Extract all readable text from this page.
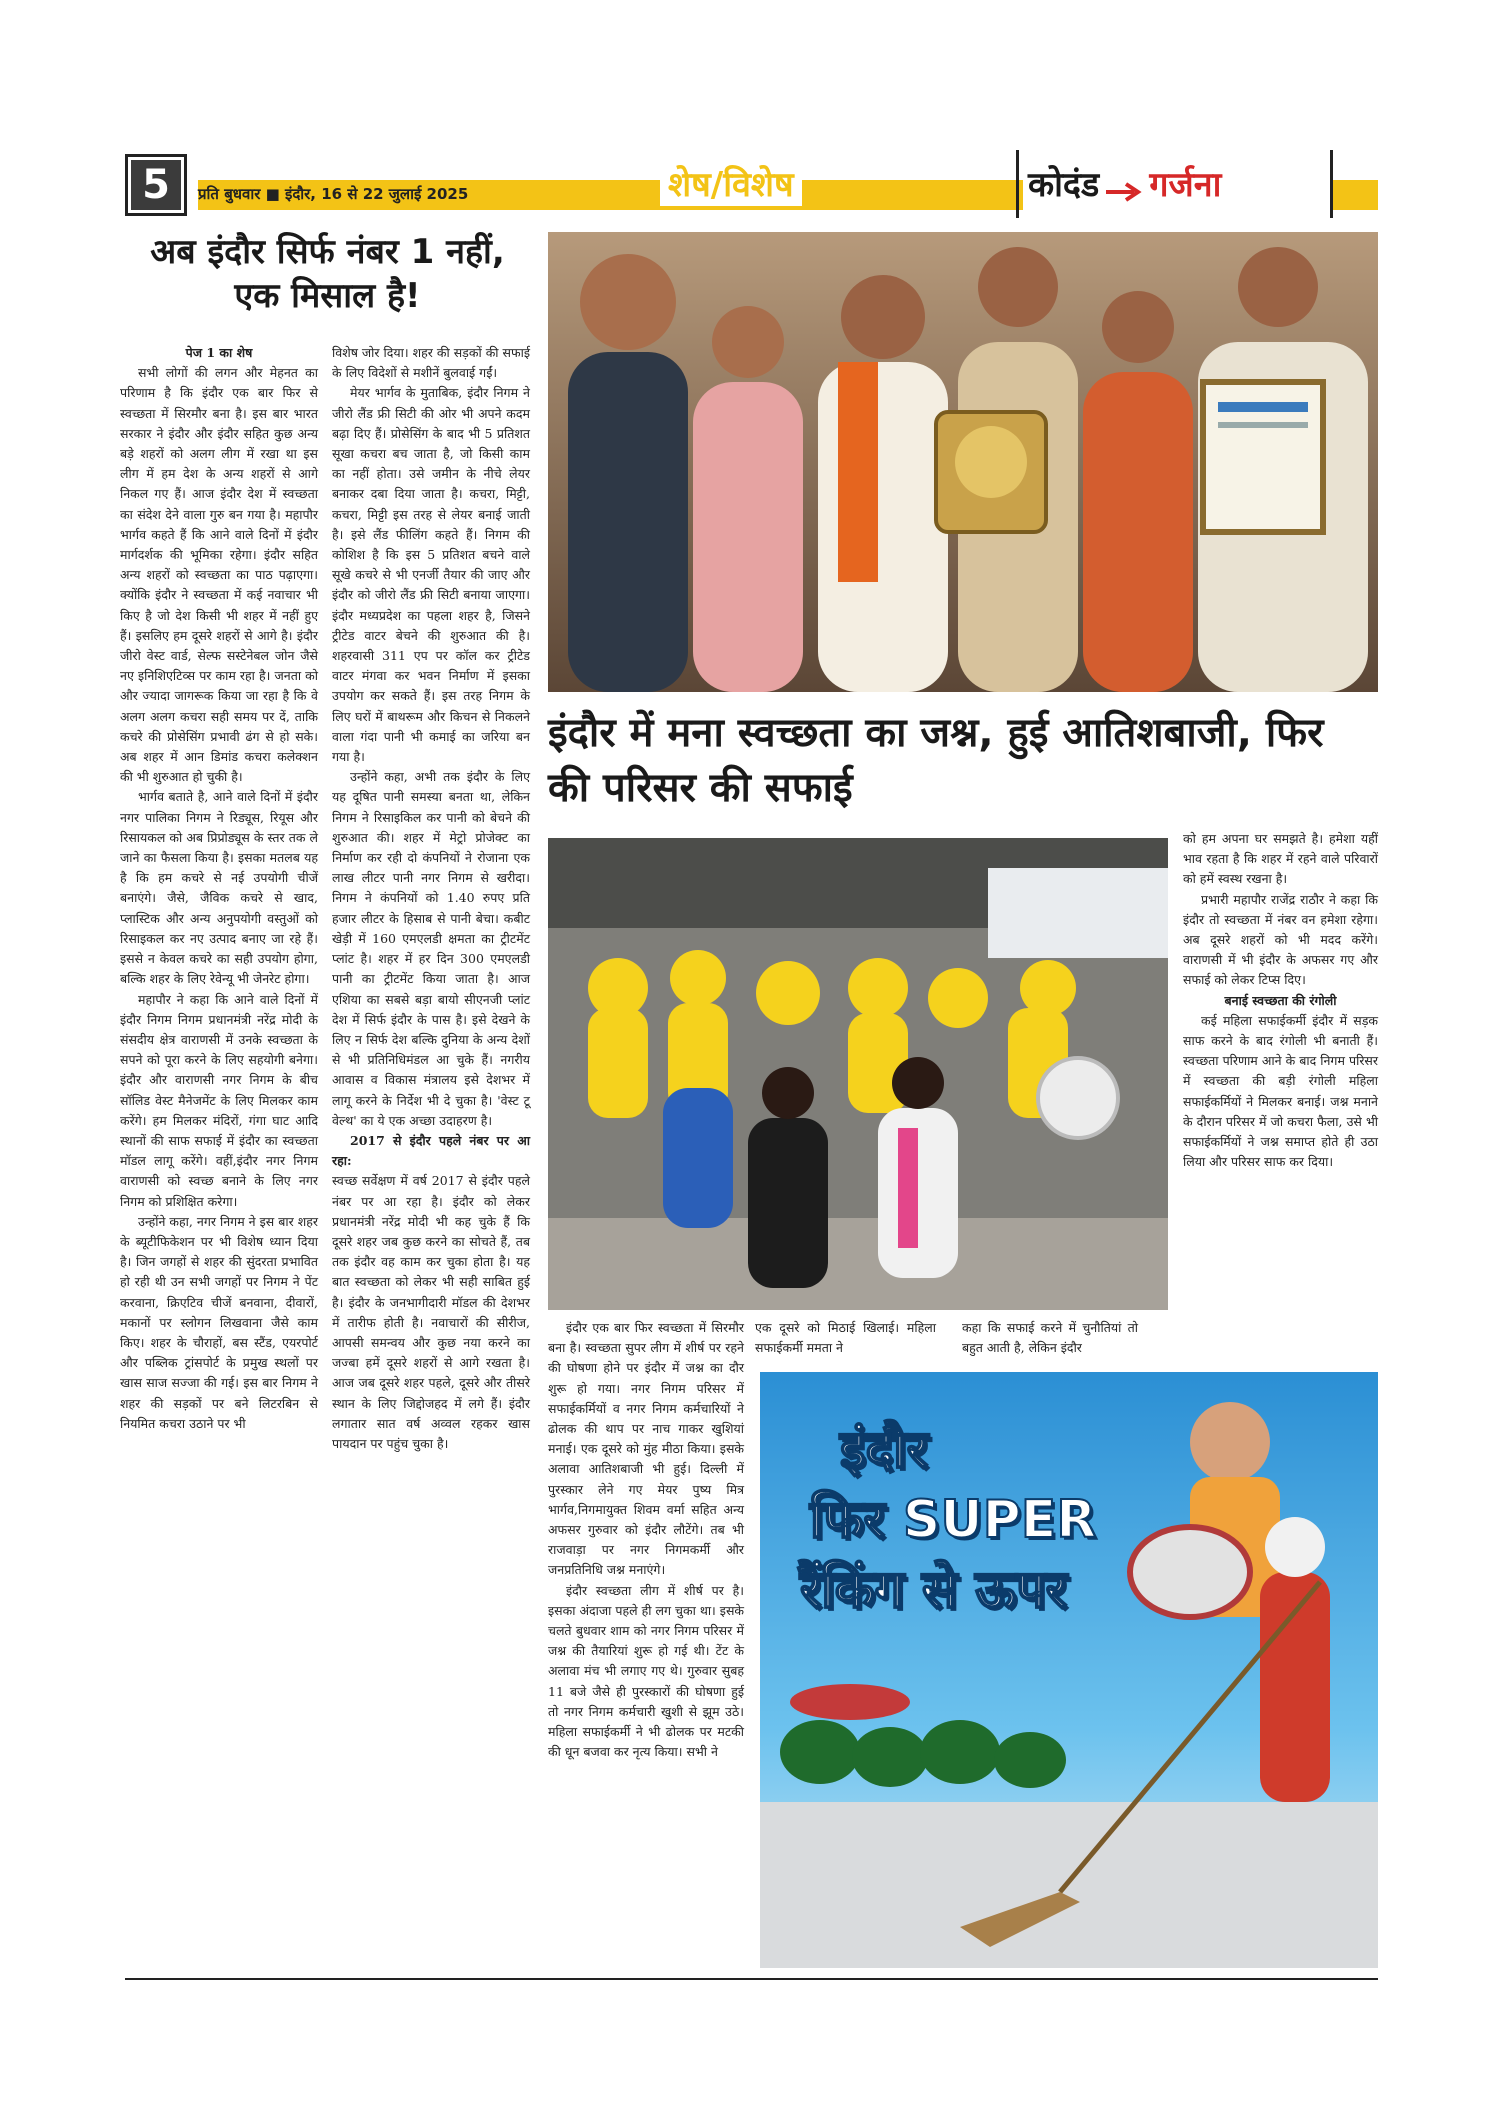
5	प्रति बुधवार ■ इंदौर, 16 से 22 जुलाई 2025	शेष/विशेष	कोदंड गर्जना
अब इंदौर सिर्फ नंबर 1 नहीं, एक मिसाल है!

पेज 1 का शेष

सभी लोगों की लगन और मेहनत का परिणाम है कि इंदौर एक बार फिर से स्वच्छता में सिरमौर बना है। इस बार भारत सरकार ने इंदौर और इंदौर सहित कुछ अन्य बड़े शहरों को अलग लीग में रखा था इस लीग में हम देश के अन्य शहरों से आगे निकल गए हैं। आज इंदौर देश में स्वच्छता का संदेश देने वाला गुरु बन गया है। महापौर भार्गव कहते हैं कि आने वाले दिनों में इंदौर मार्गदर्शक की भूमिका रहेगा। इंदौर सहित अन्य शहरों को स्वच्छता का पाठ पढ़ाएगा। क्योंकि इंदौर ने स्वच्छता में कई नवाचार भी किए है जो देश किसी भी शहर में नहीं हुए हैं। इसलिए हम दूसरे शहरों से आगे है। इंदौर जीरो वेस्ट वार्ड, सेल्फ सस्टेनेबल जोन जैसे नए इनिशिएटिव्स पर काम रहा है। जनता को और ज्यादा जागरूक किया जा रहा है कि वे अलग अलग कचरा सही समय पर दें, ताकि कचरे की प्रोसेसिंग प्रभावी ढंग से हो सके। अब शहर में आन डिमांड कचरा कलेक्शन की भी शुरुआत हो चुकी है।

भार्गव बताते है, आने वाले दिनों में इंदौर नगर पालिका निगम ने रिड्यूस, रियूस और रिसायकल को अब प्रिप्रोड्यूस के स्तर तक ले जाने का फैसला किया है। इसका मतलब यह है कि हम कचरे से नई उपयोगी चीजें बनाएंगे। जैसे, जैविक कचरे से खाद, प्लास्टिक और अन्य अनुपयोगी वस्तुओं को रिसाइकल कर नए उत्पाद बनाए जा रहे हैं। इससे न केवल कचरे का सही उपयोग होगा, बल्कि शहर के लिए रेवेन्यू भी जेनरेट होगा।

महापौर ने कहा कि आने वाले दिनों में इंदौर निगम निगम प्रधानमंत्री नरेंद्र मोदी के संसदीय क्षेत्र वाराणसी में उनके स्वच्छता के सपने को पूरा करने के लिए सहयोगी बनेगा। इंदौर और वाराणसी नगर निगम के बीच सॉलिड वेस्ट मैनेजमेंट के लिए मिलकर काम करेंगे। हम मिलकर मंदिरों, गंगा घाट आदि स्थानों की साफ सफाई में इंदौर का स्वच्छता मॉडल लागू करेंगे। वहीं,इंदौर नगर निगम वाराणसी को स्वच्छ बनाने के लिए नगर निगम को प्रशिक्षित करेगा।

उन्होंने कहा, नगर निगम ने इस बार शहर के ब्यूटीफिकेशन पर भी विशेष ध्यान दिया है। जिन जगहों से शहर की सुंदरता प्रभावित हो रही थी उन सभी जगहों पर निगम ने पेंट करवाना, क्रिएटिव चीजें बनवाना, दीवारों, मकानों पर स्लोगन लिखवाना जैसे काम किए। शहर के चौराहों, बस स्टैंड, एयरपोर्ट और पब्लिक ट्रांसपोर्ट के प्रमुख स्थलों पर खास साज सज्जा की गई। इस बार निगम ने शहर की सड़कों पर बने लिटरबिन से नियमित कचरा उठाने पर भी

विशेष जोर दिया। शहर की सड़कों की सफाई के लिए विदेशों से मशीनें बुलवाई गईं।

मेयर भार्गव के मुताबिक, इंदौर निगम ने जीरो लैंड फ्री सिटी की ओर भी अपने कदम बढ़ा दिए हैं। प्रोसेसिंग के बाद भी 5 प्रतिशत सूखा कचरा बच जाता है, जो किसी काम का नहीं होता। उसे जमीन के नीचे लेयर बनाकर दबा दिया जाता है। कचरा, मिट्टी, कचरा, मिट्टी इस तरह से लेयर बनाई जाती है। इसे लैंड फीलिंग कहते हैं। निगम की कोशिश है कि इस 5 प्रतिशत बचने वाले सूखे कचरे से भी एनर्जी तैयार की जाए और इंदौर को जीरो लैंड फ्री सिटी बनाया जाएगा। इंदौर मध्यप्रदेश का पहला शहर है, जिसने ट्रीटेड वाटर बेचने की शुरुआत की है। शहरवासी 311 एप पर कॉल कर ट्रीटेड वाटर मंगवा कर भवन निर्माण में इसका उपयोग कर सकते हैं। इस तरह निगम के लिए घरों में बाथरूम और किचन से निकलने वाला गंदा पानी भी कमाई का जरिया बन गया है।

उन्होंने कहा, अभी तक इंदौर के लिए यह दूषित पानी समस्या बनता था, लेकिन निगम ने रिसाइकिल कर पानी को बेचने की शुरुआत की। शहर में मेट्रो प्रोजेक्ट का निर्माण कर रही दो कंपनियों ने रोजाना एक लाख लीटर पानी नगर निगम से खरीदा। निगम ने कंपनियों को 1.40 रुपए प्रति हजार लीटर के हिसाब से पानी बेचा। कबीट खेड़ी में 160 एमएलडी क्षमता का ट्रीटमेंट प्लांट है। शहर में हर दिन 300 एमएलडी पानी का ट्रीटमेंट किया जाता है। आज एशिया का सबसे बड़ा बायो सीएनजी प्लांट देश में सिर्फ इंदौर के पास है। इसे देखने के लिए न सिर्फ देश बल्कि दुनिया के अन्य देशों से भी प्रतिनिधिमंडल आ चुके हैं। नगरीय आवास व विकास मंत्रालय इसे देशभर में लागू करने के निर्देश भी दे चुका है। 'वेस्ट टू वेल्थ' का ये एक अच्छा उदाहरण है।

2017 से इंदौर पहले नंबर पर आ रहा:

स्वच्छ सर्वेक्षण में वर्ष 2017 से इंदौर पहले नंबर पर आ रहा है। इंदौर को लेकर प्रधानमंत्री नरेंद्र मोदी भी कह चुके हैं कि दूसरे शहर जब कुछ करने का सोचते हैं, तब तक इंदौर वह काम कर चुका होता है। यह बात स्वच्छता को लेकर भी सही साबित हुई है। इंदौर के जनभागीदारी मॉडल की देशभर में तारीफ होती है। नवाचारों की सीरीज, आपसी समन्वय और कुछ नया करने का जज्बा हमें दूसरे शहरों से आगे रखता है। आज जब दूसरे शहर पहले, दूसरे और तीसरे स्थान के लिए जिद्दोजहद में लगे हैं। इंदौर लगातार सात वर्ष अव्वल रहकर खास पायदान पर पहुंच चुका है।

इंदौर में मना स्वच्छता का जश्न, हुई आतिशबाजी, फिर की परिसर की सफाई

को हम अपना घर समझते है। हमेशा यहीं भाव रहता है कि शहर में रहने वाले परिवारों को हमें स्वस्थ रखना है।

प्रभारी महापौर राजेंद्र राठौर ने कहा कि इंदौर तो स्वच्छता में नंबर वन हमेशा रहेगा। अब दूसरे शहरों को भी मदद करेंगे। वाराणसी में भी इंदौर के अफसर गए और सफाई को लेकर टिप्स दिए।

बनाई स्वच्छता की रंगोली

कई महिला सफाईकर्मी इंदौर में सड़क साफ करने के बाद रंगोली भी बनाती हैं। स्वच्छता परिणाम आने के बाद निगम परिसर में स्वच्छता की बड़ी रंगोली महिला सफाईकर्मियों ने मिलकर बनाई। जश्न मनाने के दौरान परिसर में जो कचरा फैला, उसे भी सफाईकर्मियों ने जश्न समाप्त होते ही उठा लिया और परिसर साफ कर दिया।

इंदौर एक बार फिर स्वच्छता में सिरमौर बना है। स्वच्छता सुपर लीग में शीर्ष पर रहने की घोषणा होने पर इंदौर में जश्न का दौर शुरू हो गया। नगर निगम परिसर में सफाईकर्मियों व नगर निगम कर्मचारियों ने ढोलक की थाप पर नाच गाकर खुशियां मनाई। एक दूसरे को मुंह मीठा किया। इसके अलावा आतिशबाजी भी हुई। दिल्ली में पुरस्कार लेने गए मेयर पुष्य मित्र भार्गव,निगमायुक्त शिवम वर्मा सहित अन्य अफसर गुरुवार को इंदौर लौटेंगे। तब भी राजवाड़ा पर नगर निगमकर्मी और जनप्रतिनिधि जश्न मनाएंगे।

इंदौर स्वच्छता लीग में शीर्ष पर है। इसका अंदाजा पहले ही लग चुका था। इसके चलते बुधवार शाम को नगर निगम परिसर में जश्न की तैयारियां शुरू हो गई थी। टेंट के अलावा मंच भी लगाए गए थे। गुरुवार सुबह 11 बजे जैसे ही पुरस्कारों की घोषणा हुई तो नगर निगम कर्मचारी खुशी से झूम उठे। महिला सफाईकर्मी ने भी ढोलक पर मटकी की धून बजवा कर नृत्य किया। सभी ने

एक दूसरे को मिठाई खिलाई। महिला सफाईकर्मी ममता ने

कहा कि सफाई करने में चुनौतियां तो बहुत आती है, लेकिन इंदौर

इंदौर
फिर SUPER
रैंकिंग से ऊपर
